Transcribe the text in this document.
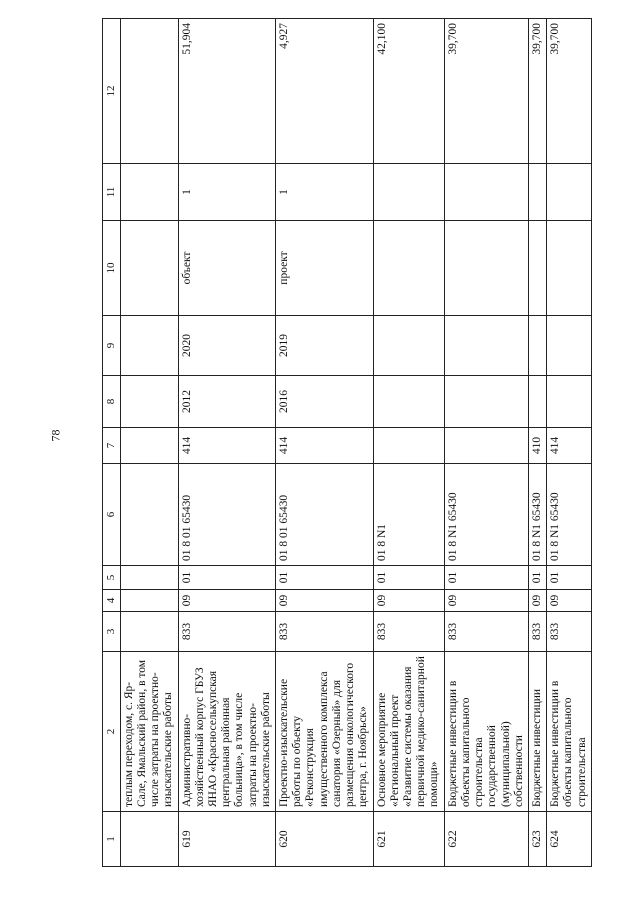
78
1	2	3	4	5	6	7	8	9	10	11	12
	теплым переходом, с. Яр-Сале, Ямальский район, в том числе затраты на проектно-изыскательские работы										
619	Административно-хозяйственный корпус ГБУЗ ЯНАО «Красноселькупская центральная районная больница», в том числе затраты на проектно-изыскательские работы	833	09	01	01 8 01 65430	414	2012	2020	объект	1	51,904
620	Проектно-изыскательские работы по объекту «Реконструкция имущественного комплекса санатория «Озерный» для размещения онкологического центра, г. Ноябрьск»	833	09	01	01 8 01 65430	414	2016	2019	проект	1	4,927
621	Основное мероприятие «Региональный проект «Развитие системы оказания первичной медико-санитарной помощи»	833	09	01	01 8 N1						42,100
622	Бюджетные инвестиции в объекты капитального строительства государственной (муниципальной) собственности	833	09	01	01 8 N1 65430						39,700
623	Бюджетные инвестиции	833	09	01	01 8 N1 65430	410					39,700
624	Бюджетные инвестиции в объекты капитального строительства	833	09	01	01 8 N1 65430	414					39,700
